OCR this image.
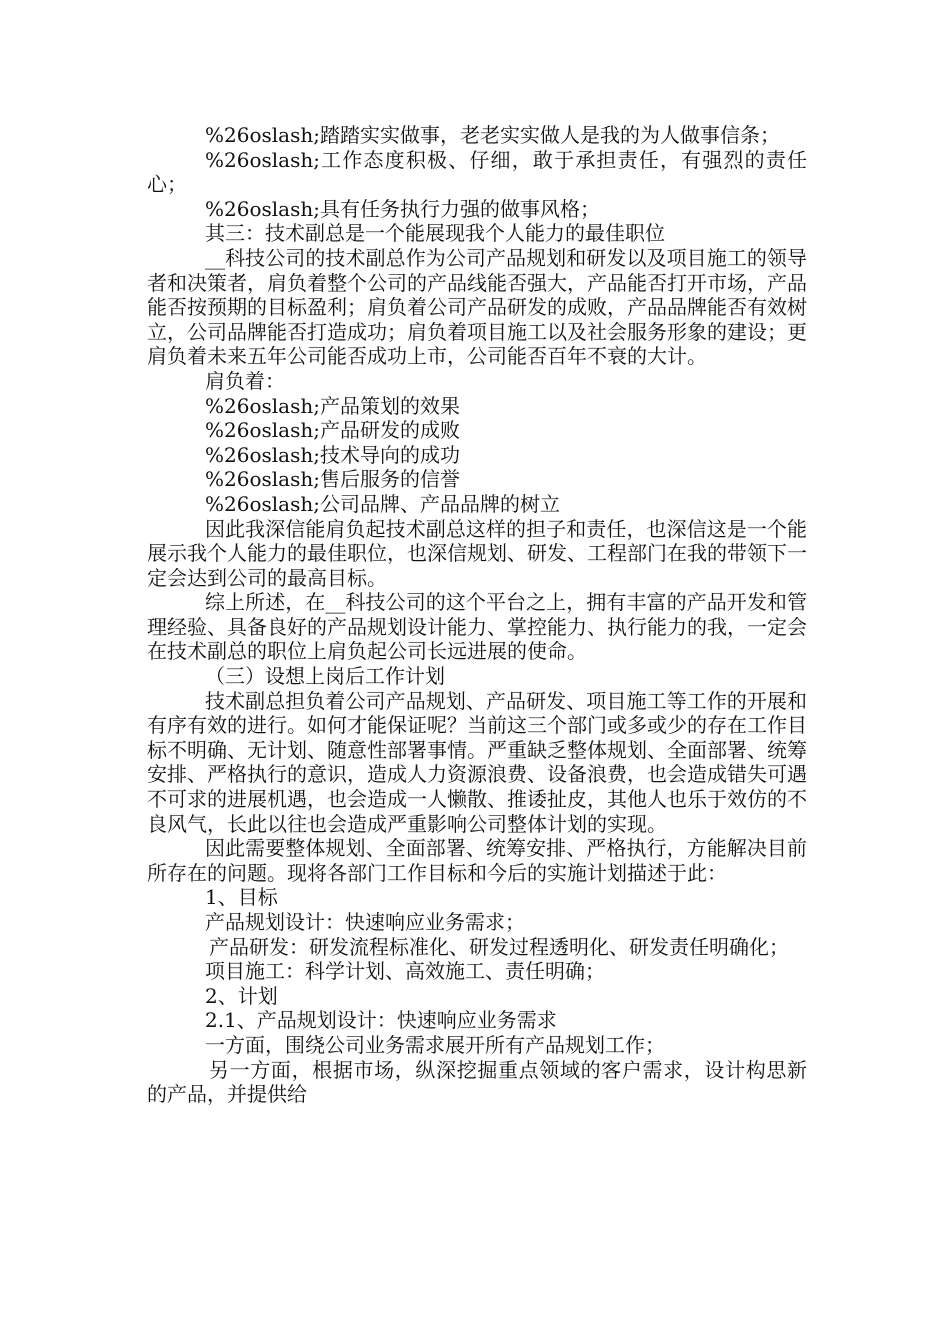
%26oslash;踏踏实实做事，老老实实做人是我的为人做事信条；

%26oslash;工作态度积极、仔细，敢于承担责任，有强烈的责任心；

%26oslash;具有任务执行力强的做事风格；

其三：技术副总是一个能展现我个人能力的最佳职位

__科技公司的技术副总作为公司产品规划和研发以及项目施工的领导者和决策者，肩负着整个公司的产品线能否强大，产品能否打开市场，产品能否按预期的目标盈利；肩负着公司产品研发的成败，产品品牌能否有效树立，公司品牌能否打造成功；肩负着项目施工以及社会服务形象的建设；更肩负着未来五年公司能否成功上市，公司能否百年不衰的大计。

肩负着：

%26oslash;产品策划的效果

%26oslash;产品研发的成败

%26oslash;技术导向的成功

%26oslash;售后服务的信誉

%26oslash;公司品牌、产品品牌的树立

因此我深信能肩负起技术副总这样的担子和责任，也深信这是一个能展示我个人能力的最佳职位，也深信规划、研发、工程部门在我的带领下一定会达到公司的最高目标。

综上所述，在__科技公司的这个平台之上，拥有丰富的产品开发和管理经验、具备良好的产品规划设计能力、掌控能力、执行能力的我，一定会在技术副总的职位上肩负起公司长远进展的使命。

（三）设想上岗后工作计划

技术副总担负着公司产品规划、产品研发、项目施工等工作的开展和有序有效的进行。如何才能保证呢？当前这三个部门或多或少的存在工作目标不明确、无计划、随意性部署事情。严重缺乏整体规划、全面部署、统筹安排、严格执行的意识，造成人力资源浪费、设备浪费，也会造成错失可遇不可求的进展机遇，也会造成一人懒散、推诿扯皮，其他人也乐于效仿的不良风气，长此以往也会造成严重影响公司整体计划的实现。

因此需要整体规划、全面部署、统筹安排、严格执行，方能解决目前所存在的问题。现将各部门工作目标和今后的实施计划描述于此：

1、目标

产品规划设计：快速响应业务需求；

产品研发：研发流程标准化、研发过程透明化、研发责任明确化；

项目施工：科学计划、高效施工、责任明确；

2、计划

2.1、产品规划设计：快速响应业务需求

一方面，围绕公司业务需求展开所有产品规划工作；

另一方面，根据市场，纵深挖掘重点领域的客户需求，设计构思新的产品，并提供给
